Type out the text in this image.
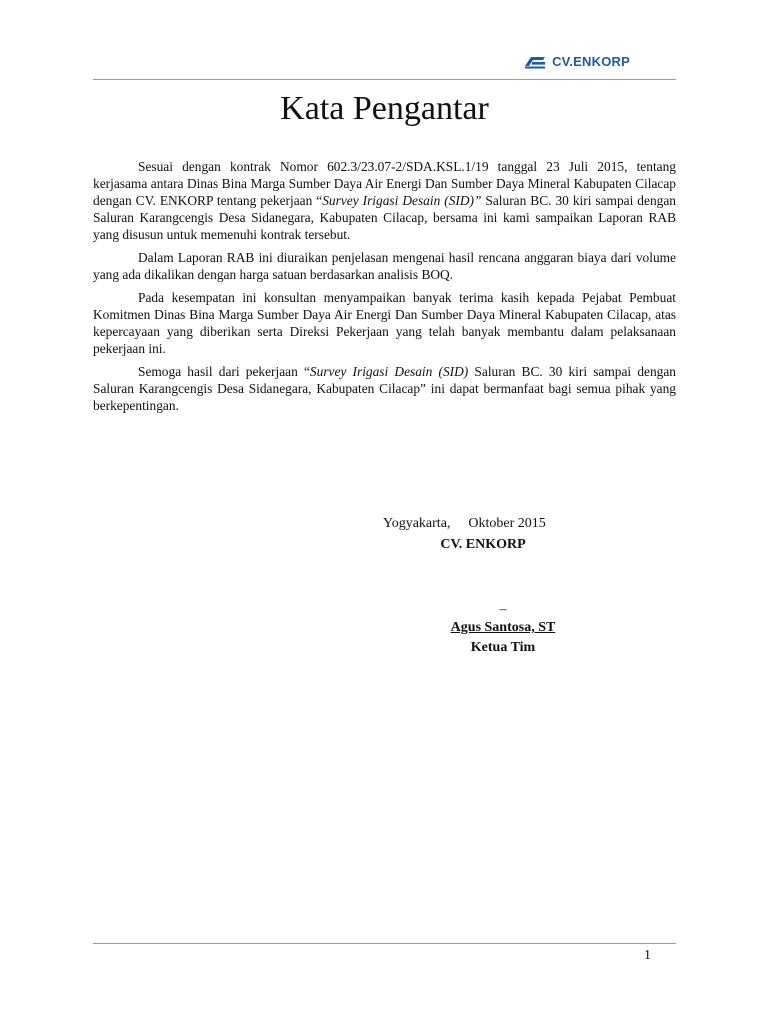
CV.ENKORP
Kata Pengantar

Sesuai dengan kontrak Nomor 602.3/23.07-2/SDA.KSL.1/19 tanggal 23 Juli 2015, tentang kerjasama antara Dinas Bina Marga Sumber Daya Air Energi Dan Sumber Daya Mineral Kabupaten Cilacap dengan CV. ENKORP tentang pekerjaan “Survey Irigasi Desain (SID)” Saluran BC. 30 kiri sampai dengan Saluran Karangcengis Desa Sidanegara, Kabupaten Cilacap, bersama ini kami sampaikan Laporan RAB yang disusun untuk memenuhi kontrak tersebut.

Dalam Laporan RAB ini diuraikan penjelasan mengenai hasil rencana anggaran biaya dari volume yang ada dikalikan dengan harga satuan berdasarkan analisis BOQ.

Pada kesempatan ini konsultan menyampaikan banyak terima kasih kepada Pejabat Pembuat Komitmen Dinas Bina Marga Sumber Daya Air Energi Dan Sumber Daya Mineral Kabupaten Cilacap, atas kepercayaan yang diberikan serta Direksi Pekerjaan yang telah banyak membantu dalam pelaksanaan pekerjaan ini.

Semoga hasil dari pekerjaan “Survey Irigasi Desain (SID) Saluran BC. 30 kiri sampai dengan Saluran Karangcengis Desa Sidanegara, Kabupaten Cilacap” ini dapat bermanfaat bagi semua pihak yang berkepentingan.

Yogyakarta, Oktober 2015
CV. ENKORP
–
Agus Santosa, ST
Ketua Tim
1
